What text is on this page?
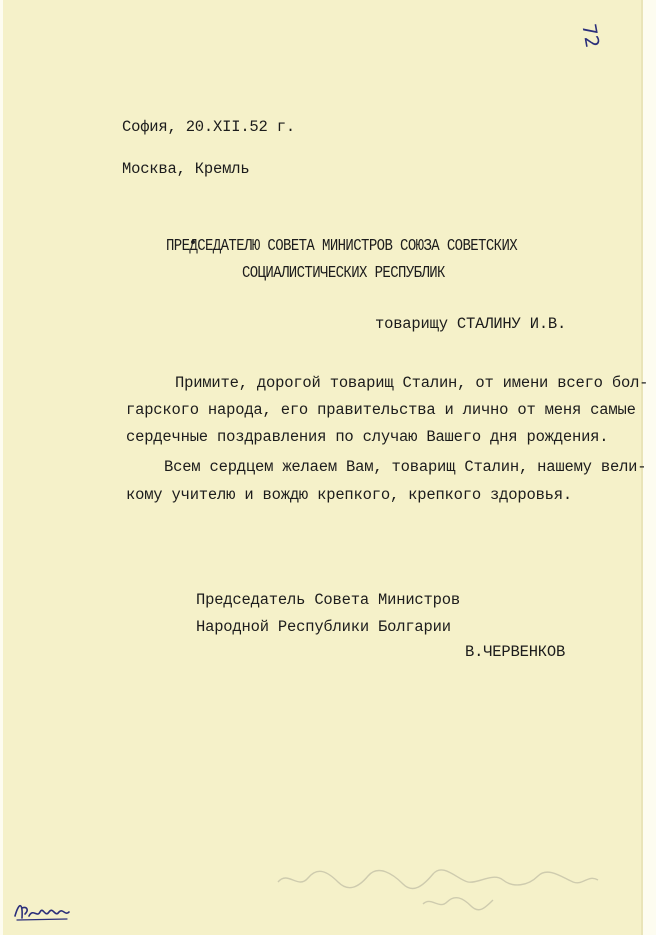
72
София, 20.XII.52 г.
Москва, Кремль
ПРЕДСЕДАТЕЛЮ СОВЕТА МИНИСТРОВ СОЮЗА СОВЕТСКИХ
СОЦИАЛИСТИЧЕСКИХ РЕСПУБЛИК
товарищу СТАЛИНУ И.В.
Примите, дорогой товарищ Сталин, от имени всего бол-
гарского народа, его правительства и лично от меня самые
сердечные поздравления по случаю Вашего дня рождения.
Всем сердцем желаем Вам, товарищ Сталин, нашему вели-
кому учителю и вождю крепкого, крепкого здоровья.
Председатель Совета Министров
Народной Республики Болгарии
В.ЧЕРВЕНКОВ
